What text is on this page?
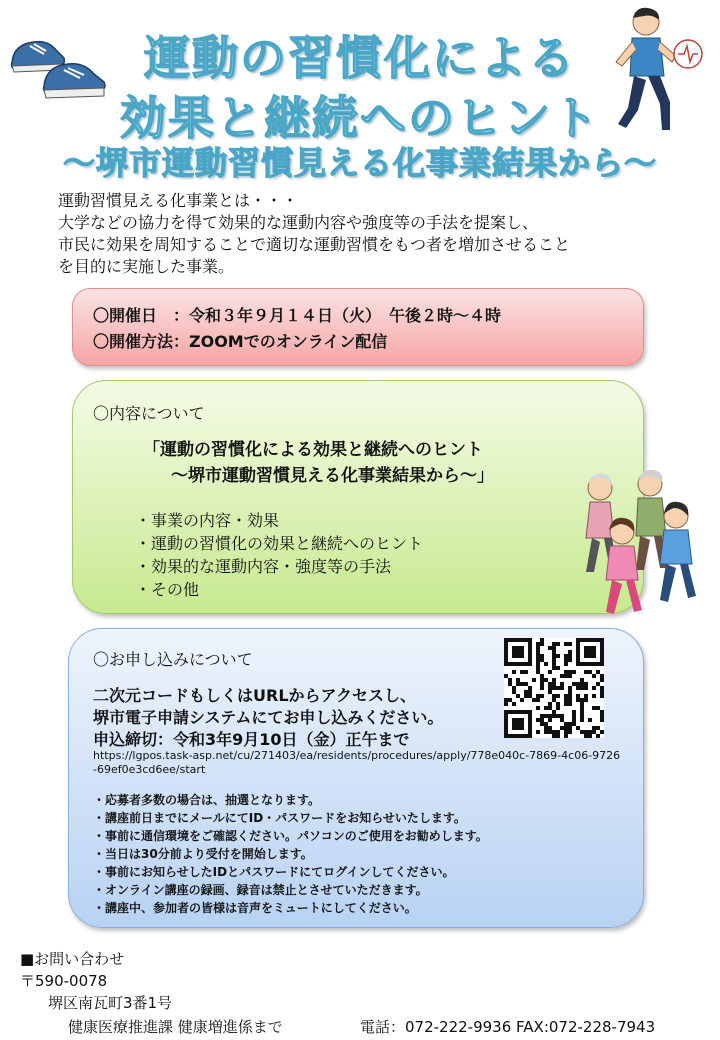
運動の習慣化による
効果と継続へのヒント
～堺市運動習慣見える化事業結果から～

運動習慣見える化事業とは・・・

大学などの協力を得て効果的な運動内容や強度等の手法を提案し、

市民に効果を周知することで適切な運動習慣をもつ者を増加させること

を目的に実施した事業。

〇開催日　：令和３年９月１４日（火）　午後２時～４時
〇開催方法：ZOOMでのオンライン配信
〇内容について
「運動の習慣化による効果と継続へのヒント
～堺市運動習慣見える化事業結果から～」
・事業の内容・効果
・運動の習慣化の効果と継続へのヒント
・効果的な運動内容・強度等の手法
・その他
〇お申し込みについて
二次元コードもしくはURLからアクセスし、
堺市電子申請システムにてお申し込みください。
申込締切：令和3年9月10日（金）正午まで
https://lgpos.task-asp.net/cu/271403/ea/residents/procedures/apply/778e040c-7869-4c06-9726-69ef0e3cd6ee/start
・応募者多数の場合は、抽選となります。
・講座前日までにメールにてID・パスワードをお知らせいたします。
・事前に通信環境をご確認ください。パソコンのご使用をお勧めします。
・当日は30分前より受付を開始します。
・事前にお知らせしたIDとパスワードにてログインしてください。
・オンライン講座の録画、録音は禁止とさせていただきます。
・講座中、参加者の皆様は音声をミュートにしてください。
■お問い合わせ
〒590-0078
堺区南瓦町3番1号
健康医療推進課 健康増進係まで	電話：072-222-9936 FAX:072-228-7943
